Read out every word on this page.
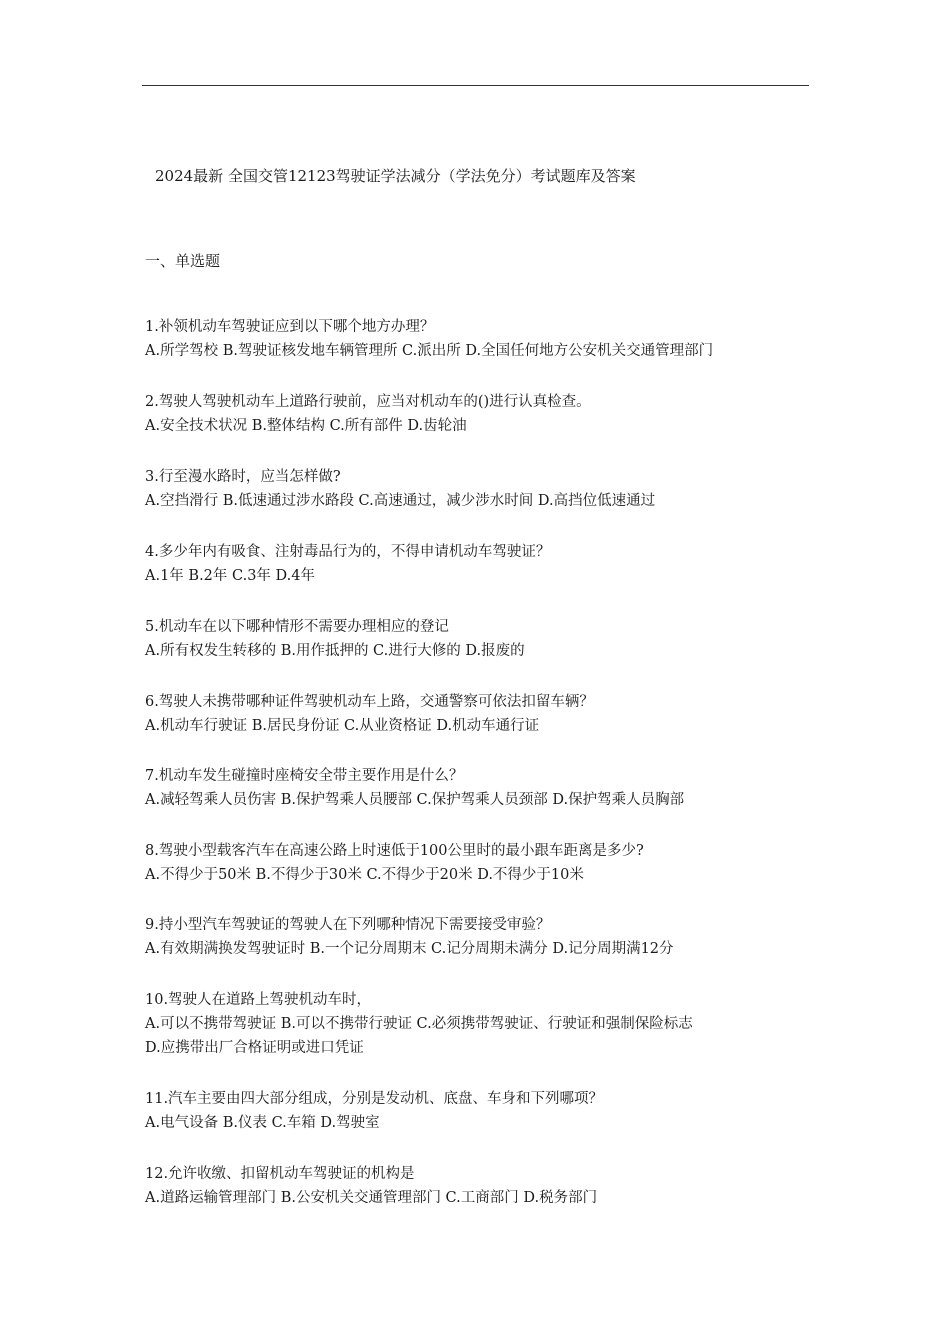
2024最新 全国交管12123驾驶证学法减分（学法免分）考试题库及答案
一、单选题
1.补领机动车驾驶证应到以下哪个地方办理？
A.所学驾校 B.驾驶证核发地车辆管理所 C.派出所 D.全国任何地方公安机关交通管理部门
2.驾驶人驾驶机动车上道路行驶前，应当对机动车的()进行认真检查。
A.安全技术状况 B.整体结构 C.所有部件 D.齿轮油
3.行至漫水路时，应当怎样做?
A.空挡滑行 B.低速通过涉水路段 C.高速通过，减少涉水时间 D.高挡位低速通过
4.多少年内有吸食、注射毒品行为的，不得申请机动车驾驶证？
A.1年 B.2年 C.3年 D.4年
5.机动车在以下哪种情形不需要办理相应的登记
A.所有权发生转移的 B.用作抵押的 C.进行大修的 D.报废的
6.驾驶人未携带哪种证件驾驶机动车上路，交通警察可依法扣留车辆？
A.机动车行驶证 B.居民身份证 C.从业资格证 D.机动车通行证
7.机动车发生碰撞时座椅安全带主要作用是什么？
A.减轻驾乘人员伤害 B.保护驾乘人员腰部 C.保护驾乘人员颈部 D.保护驾乘人员胸部
8.驾驶小型载客汽车在高速公路上时速低于100公里时的最小跟车距离是多少?
A.不得少于50米 B.不得少于30米 C.不得少于20米 D.不得少于10米
9.持小型汽车驾驶证的驾驶人在下列哪种情况下需要接受审验？
A.有效期满换发驾驶证时 B.一个记分周期末 C.记分周期未满分 D.记分周期满12分
10.驾驶人在道路上驾驶机动车时，
A.可以不携带驾驶证 B.可以不携带行驶证 C.必须携带驾驶证、行驶证和强制保险标志
D.应携带出厂合格证明或进口凭证
11.汽车主要由四大部分组成，分别是发动机、底盘、车身和下列哪项？
A.电气设备 B.仪表 C.车箱 D.驾驶室
12.允许收缴、扣留机动车驾驶证的机构是
A.道路运输管理部门 B.公安机关交通管理部门 C.工商部门 D.税务部门
